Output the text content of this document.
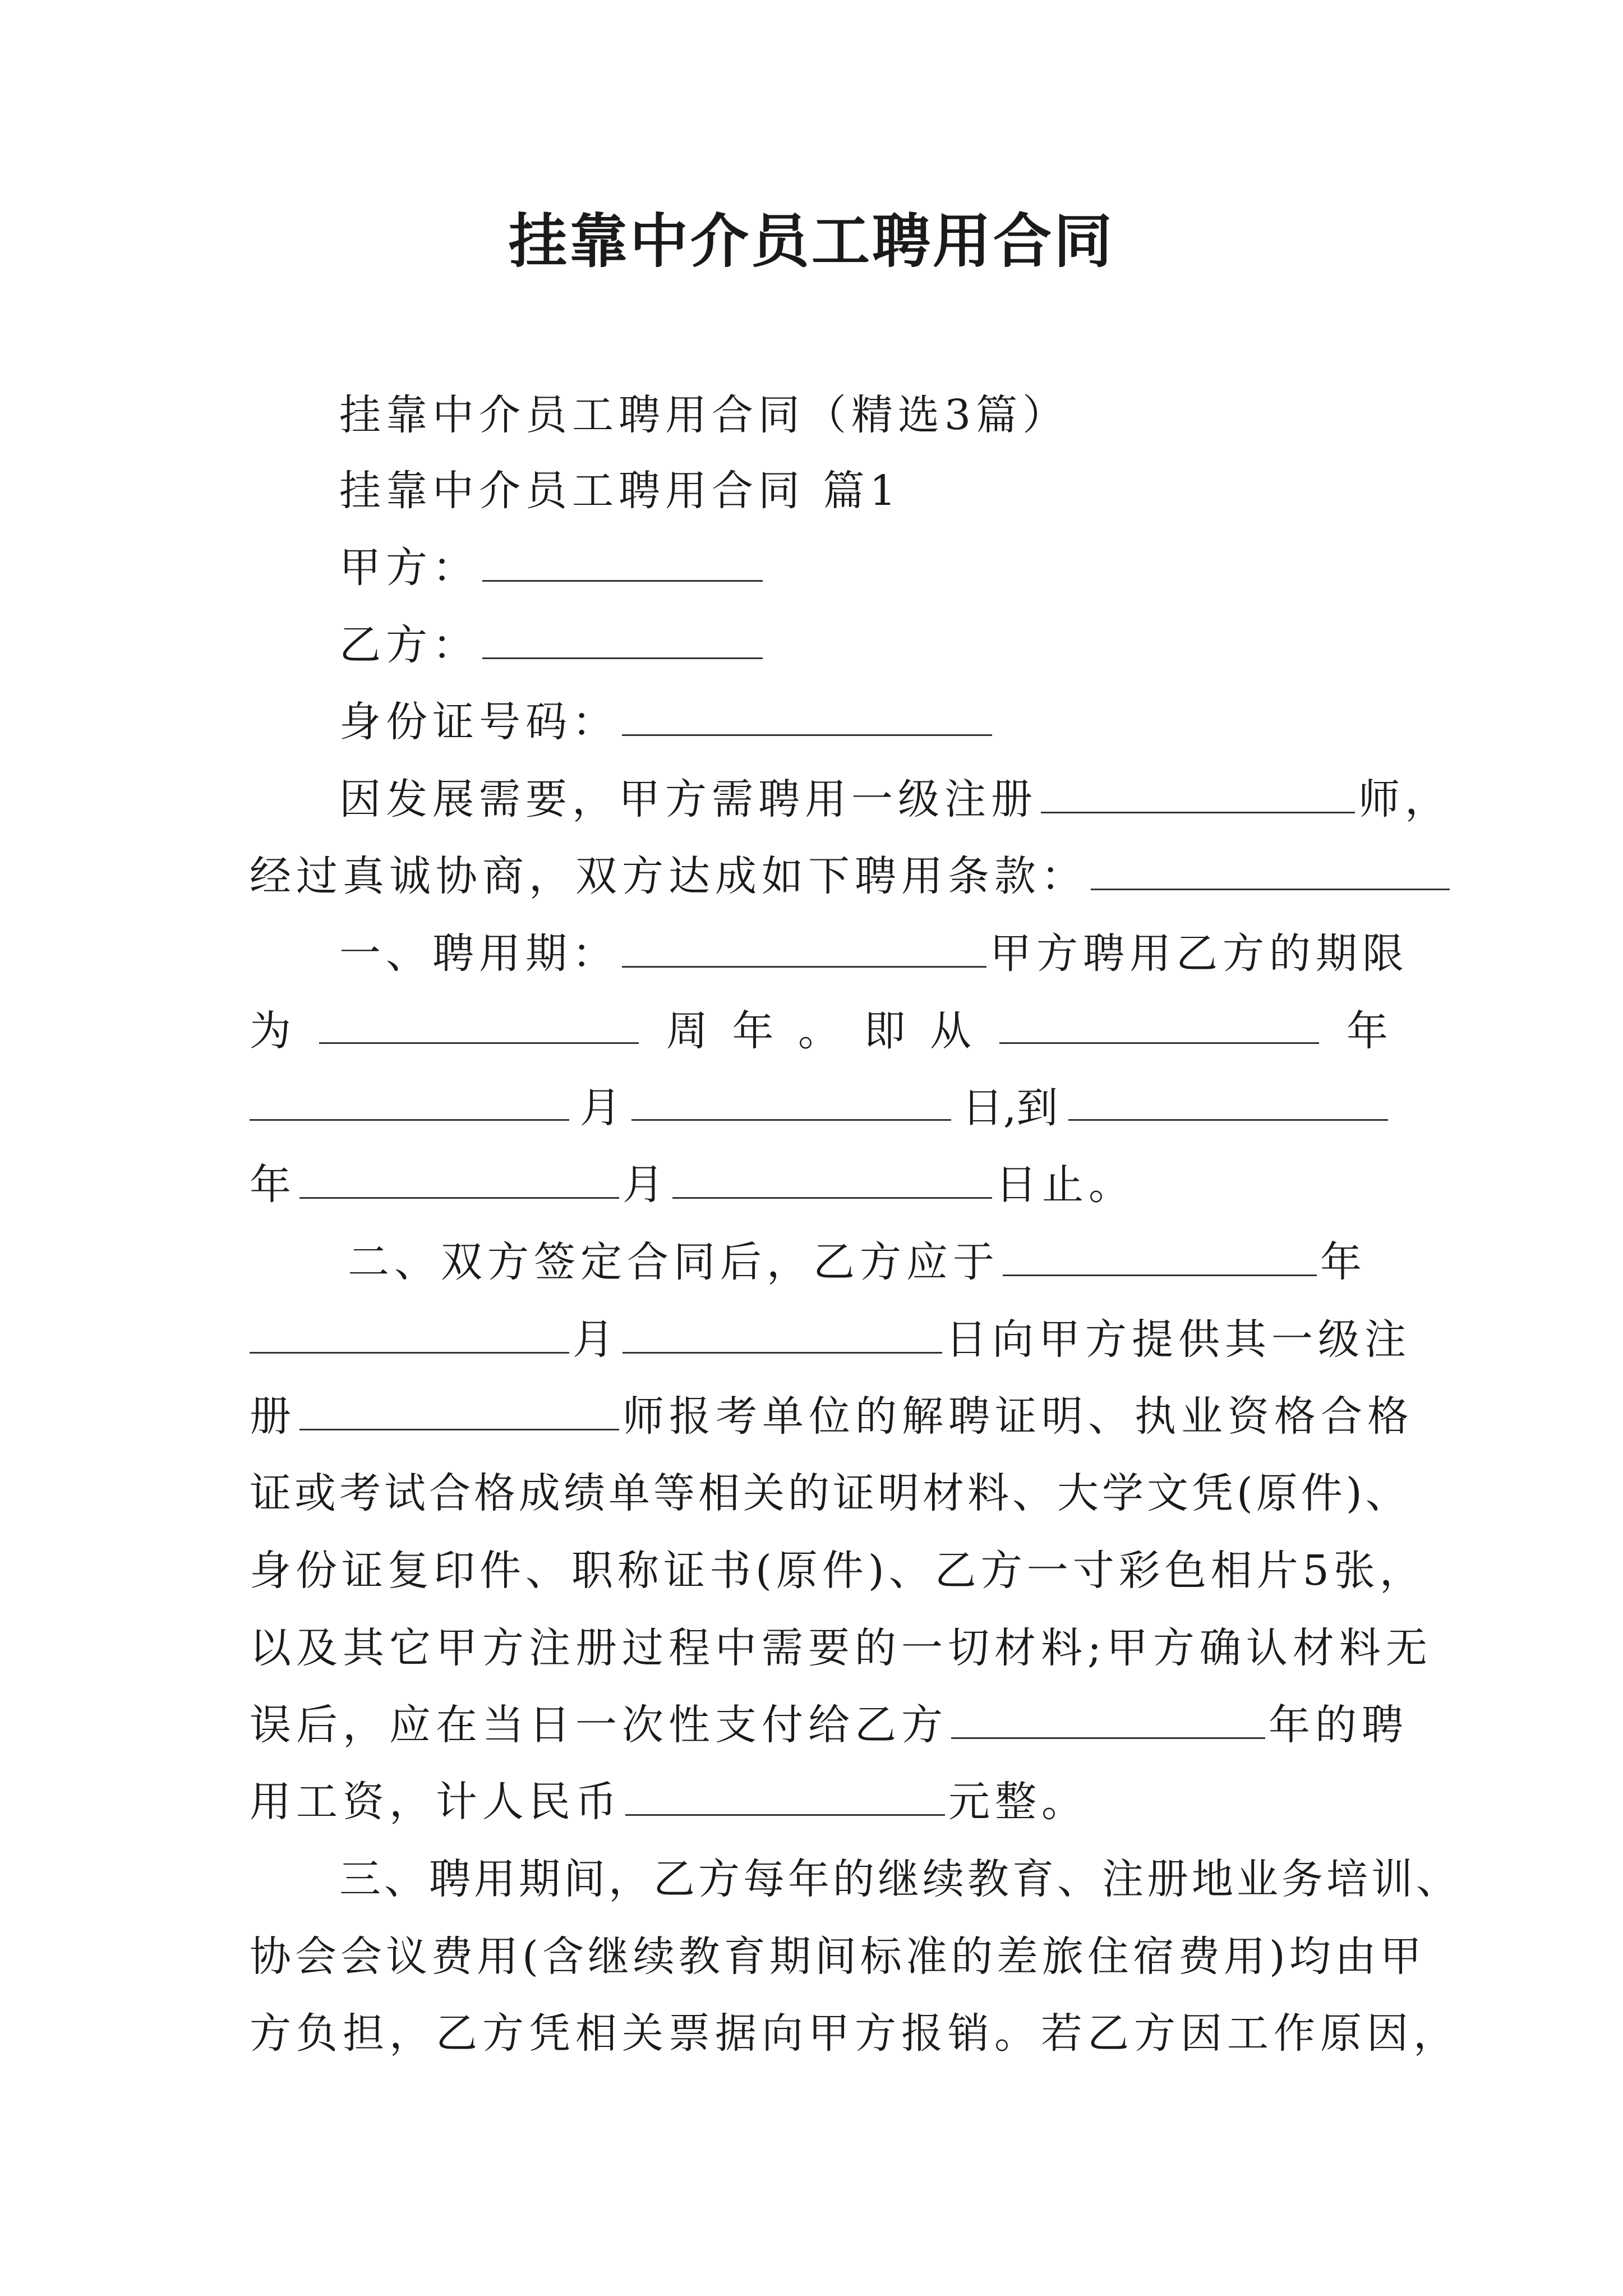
挂靠中介员工聘用合同
挂靠中介员工聘用合同（精选3篇）
挂靠中介员工聘用合同 篇1
甲方：
乙方：
身份证号码：
因发展需要，甲方需聘用一级注册	师，
经过真诚协商，双方达成如下聘用条款：
一、聘用期：	甲方聘用乙方的期限
为	周 年 。 即 从	年
月	日,到
年	月	日止。
二、双方签定合同后，乙方应于	年
月	日向甲方提供其一级注
册	师报考单位的解聘证明、执业资格合格
证或考试合格成绩单等相关的证明材料、大学文凭(原件)、
身份证复印件、职称证书(原件)、乙方一寸彩色相片5张，
以及其它甲方注册过程中需要的一切材料;甲方确认材料无
误后，应在当日一次性支付给乙方	年的聘
用工资，计人民币	元整。
三、聘用期间，乙方每年的继续教育、注册地业务培训、
协会会议费用(含继续教育期间标准的差旅住宿费用)均由甲
方负担，乙方凭相关票据向甲方报销。若乙方因工作原因，
